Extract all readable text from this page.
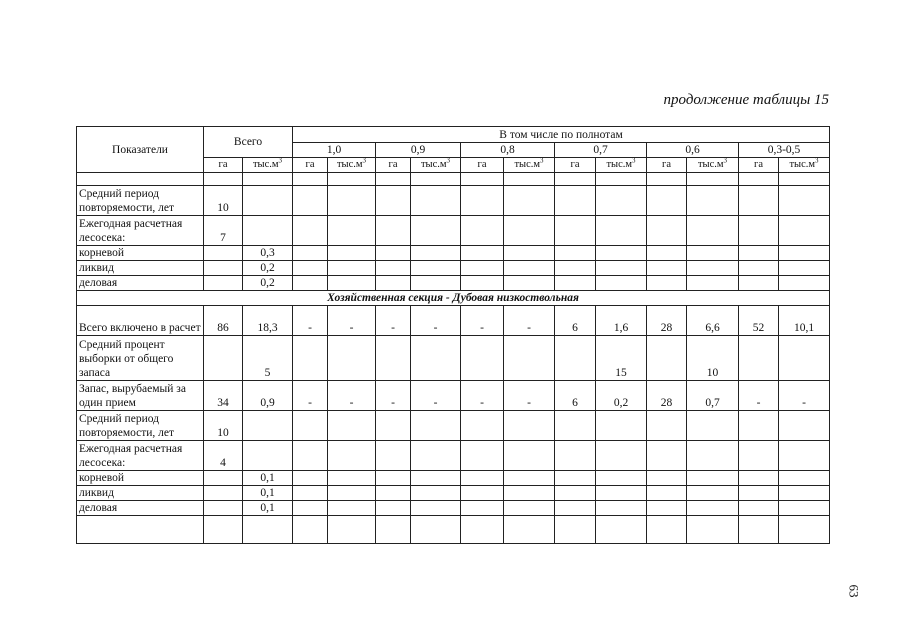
продолжение таблицы 15
Показатели	Всего		В том числе по полнотам											
			1,0		0,9		0,8		0,7		0,6		0,3-0,5	
	га	$тыс.м^3$	га	$тыс.м^3$	га	$тыс.м^3$	га	$тыс.м^3$	га	$тыс.м^3$	га	$тыс.м^3$	га	$тыс.м^3$

Средний период повторяемости, лет	10													
Ежегодная расчетная лесосека:	7													
корневой		0,3												
ликвид		0,2												
деловая		0,2												
Хозяйственная секция - Дубовая низкоствольная														
Всего включено в расчет	86	18,3	-	-	-	-	-	-	6	1,6	28	6,6	52	10,1
Средний процент выборки от общего запаса		5								15		10		
Запас, вырубаемый за один прием	34	0,9	-	-	-	-	-	-	6	0,2	28	0,7	-	-
Средний период повторяемости, лет	10													
Ежегодная расчетная лесосека:	4													
корневой		0,1												
ликвид		0,1												
деловая		0,1												

63
